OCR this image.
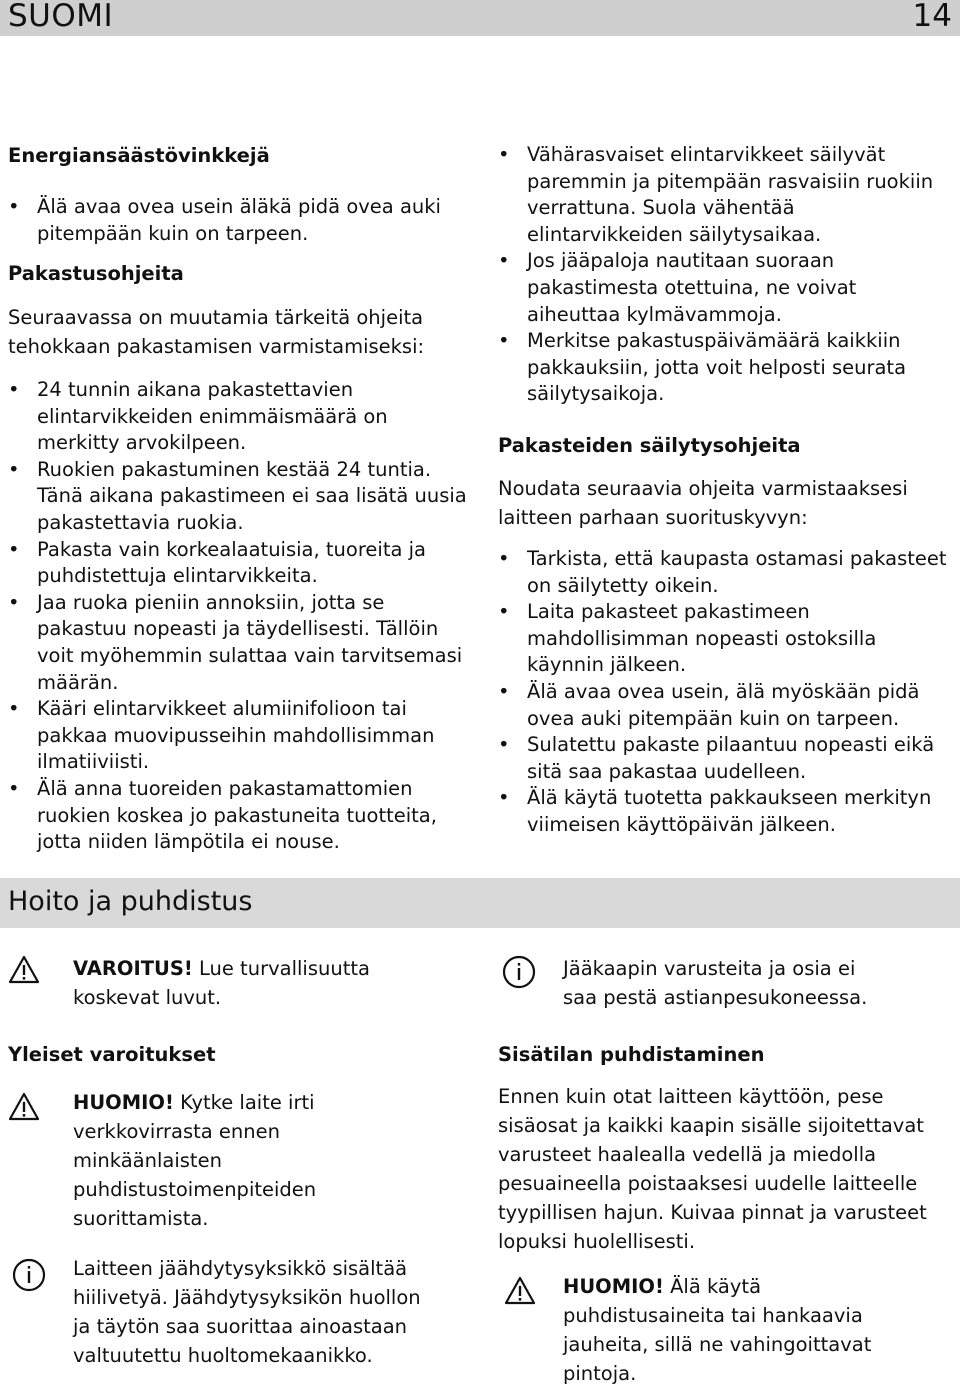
SUOMI	14

Energiansäästövinkkejä

• Älä avaa ovea usein äläkä pidä ovea auki pitempään kuin on tarpeen.

Pakastusohjeita

Seuraavassa on muutamia tärkeitä ohjeita tehokkaan pakastamisen varmistamiseksi:

• 24 tunnin aikana pakastettavien elintarvikkeiden enimmäismäärä on merkitty arvokilpeen.
• Ruokien pakastuminen kestää 24 tuntia. Tänä aikana pakastimeen ei saa lisätä uusia pakastettavia ruokia.
• Pakasta vain korkealaatuisia, tuoreita ja puhdistettuja elintarvikkeita.
• Jaa ruoka pieniin annoksiin, jotta se pakastuu nopeasti ja täydellisesti. Tällöin voit myöhemmin sulattaa vain tarvitsemasi määrän.
• Kääri elintarvikkeet alumiinifolioon tai pakkaa muovipusseihin mahdollisimman ilmatiiviisti.
• Älä anna tuoreiden pakastamattomien ruokien koskea jo pakastuneita tuotteita, jotta niiden lämpötila ei nouse.
• Vähärasvaiset elintarvikkeet säilyvät paremmin ja pitempään rasvaisiin ruokiin verrattuna. Suola vähentää elintarvikkeiden säilytysaikaa.
• Jos jääpaloja nautitaan suoraan pakastimesta otettuina, ne voivat aiheuttaa kylmävammoja.
• Merkitse pakastuspäivämäärä kaikkiin pakkauksiin, jotta voit helposti seurata säilytysaikoja.

Pakasteiden säilytysohjeita

Noudata seuraavia ohjeita varmistaaksesi laitteen parhaan suorituskyvyn:

• Tarkista, että kaupasta ostamasi pakasteet on säilytetty oikein.
• Laita pakasteet pakastimeen mahdollisimman nopeasti ostoksilla käynnin jälkeen.
• Älä avaa ovea usein, älä myöskään pidä ovea auki pitempään kuin on tarpeen.
• Sulatettu pakaste pilaantuu nopeasti eikä sitä saa pakastaa uudelleen.
• Älä käytä tuotetta pakkaukseen merkityn viimeisen käyttöpäivän jälkeen.
Hoito ja puhdistus
VAROITUS! Lue turvallisuutta koskevat luvut.
Jääkaapin varusteita ja osia ei saa pestä astianpesukoneessa.

Yleiset varoitukset

HUOMIO! Kytke laite irti verkkovirrasta ennen minkäänlaisten puhdistustoimenpiteiden suorittamista.
Laitteen jäähdytysyksikkö sisältää hiilivetyä. Jäähdytysyksikön huollon ja täytön saa suorittaa ainoastaan valtuutettu huoltomekaanikko.

Sisätilan puhdistaminen

Ennen kuin otat laitteen käyttöön, pese sisäosat ja kaikki kaapin sisälle sijoitettavat varusteet haalealla vedellä ja miedolla pesuaineella poistaaksesi uudelle laitteelle tyypillisen hajun. Kuivaa pinnat ja varusteet lopuksi huolellisesti.

HUOMIO! Älä käytä puhdistusaineita tai hankaavia jauheita, sillä ne vahingoittavat pintoja.
